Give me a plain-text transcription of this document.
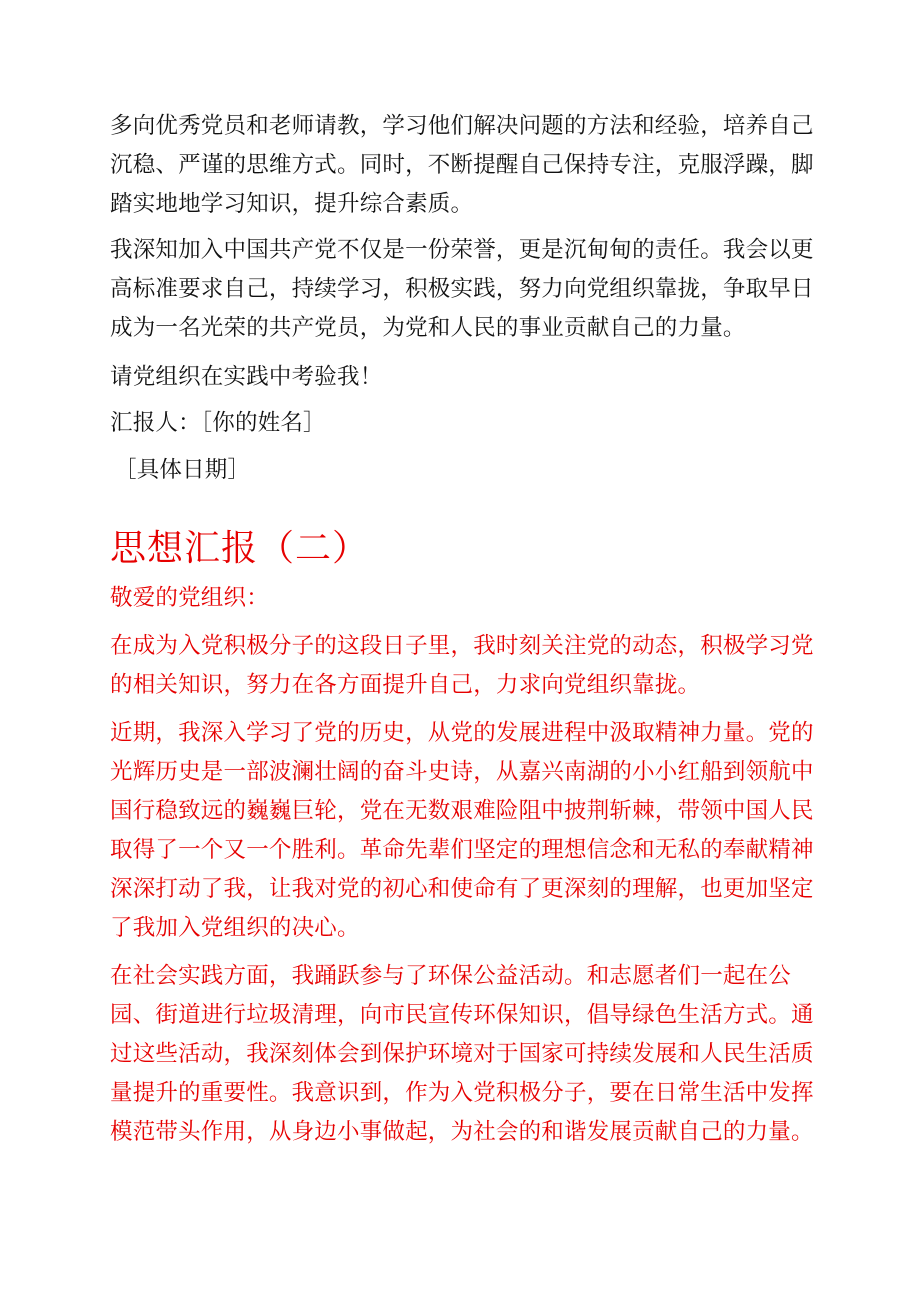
多向优秀党员和老师请教，学习他们解决问题的方法和经验，培养自己沉稳、严谨的思维方式。同时，不断提醒自己保持专注，克服浮躁，脚踏实地地学习知识，提升综合素质。

我深知加入中国共产党不仅是一份荣誉，更是沉甸甸的责任。我会以更高标准要求自己，持续学习，积极实践，努力向党组织靠拢，争取早日成为一名光荣的共产党员，为党和人民的事业贡献自己的力量。

请党组织在实践中考验我！

汇报人：［你的姓名］

［具体日期］

思想汇报（二）

敬爱的党组织：

在成为入党积极分子的这段日子里，我时刻关注党的动态，积极学习党的相关知识，努力在各方面提升自己，力求向党组织靠拢。

近期，我深入学习了党的历史，从党的发展进程中汲取精神力量。党的光辉历史是一部波澜壮阔的奋斗史诗，从嘉兴南湖的小小红船到领航中国行稳致远的巍巍巨轮，党在无数艰难险阻中披荆斩棘，带领中国人民取得了一个又一个胜利。革命先辈们坚定的理想信念和无私的奉献精神深深打动了我，让我对党的初心和使命有了更深刻的理解，也更加坚定了我加入党组织的决心。

在社会实践方面，我踊跃参与了环保公益活动。和志愿者们一起在公园、街道进行垃圾清理，向市民宣传环保知识，倡导绿色生活方式。通过这些活动，我深刻体会到保护环境对于国家可持续发展和人民生活质量提升的重要性。我意识到，作为入党积极分子，要在日常生活中发挥模范带头作用，从身边小事做起，为社会的和谐发展贡献自己的力量。
